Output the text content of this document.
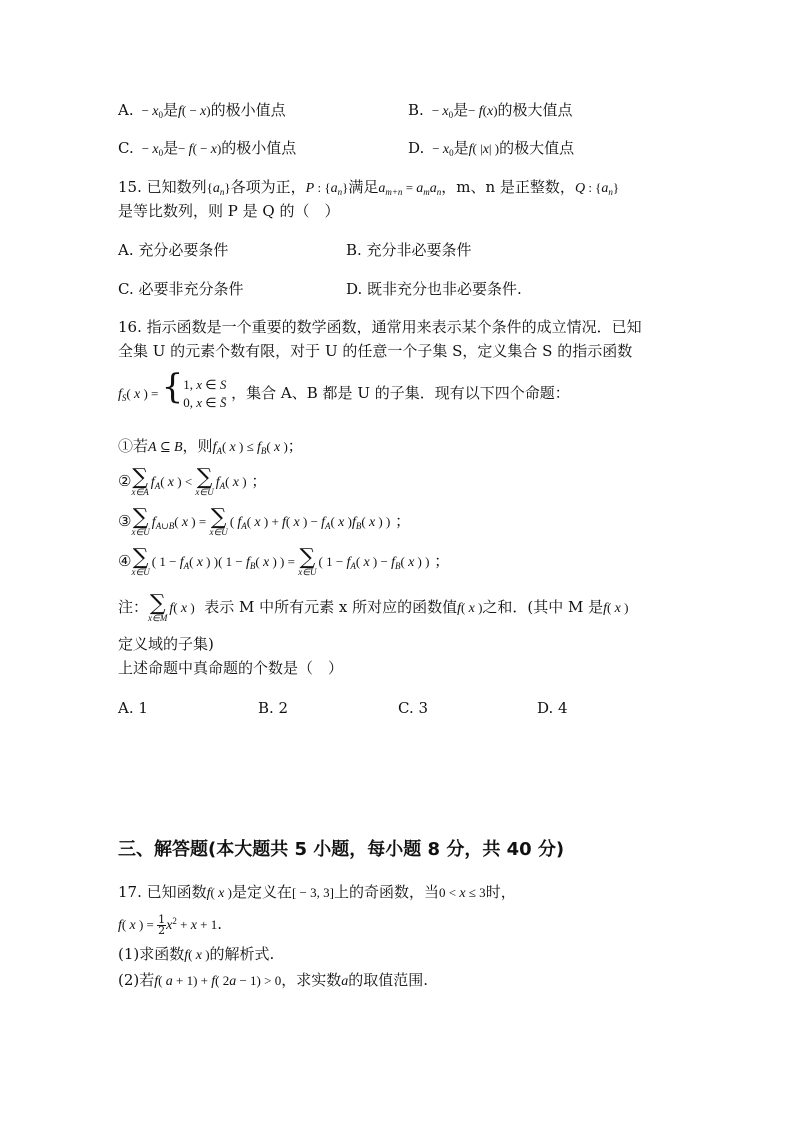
A.  − $x_0$是f( − x)的极小值点	B.  − $x_0$是− f(x)的极大值点
C.  − $x_0$是− f( − x)的极小值点	D.  − $x_0$是f( |x| )的极大值点
15. 已知数列$\{a_n\}$各项为正，P : $\{a_n\}$满足$a_{m+n} = a_ma_n$，m、n 是正整数，Q : $\{a_n\}$
是等比数列，则 P 是 Q 的（　）
A. 充分必要条件	B. 充分非必要条件
C. 必要非充分条件	D. 既非充分也非必要条件.
16. 指示函数是一个重要的数学函数，通常用来表示某个条件的成立情况．已知
全集 U 的元素个数有限，对于 U 的任意一个子集 S，定义集合 S 的指示函数
$f_S$( x ) = { 1, x ∈ S
0, x ∈ S̄
，集合 A、B 都是 U 的子集．现有以下四个命题：
①若A ⊆ B，则$f_A$( x ) ≤ $f_B$( x )；
② ∑
x∈A
$f_A$( x ) < ∑
x∈U
$f_A$( x ) ；
③ ∑
x∈U
$f_{A\cup B}$( x ) = ∑
x∈U
( $f_A$( x ) + f( x ) − $f_A$( x )$f_B$( x ) ) ；
④ ∑
x∈U
( $1 - f_A$( x ) )( $1 - f_B$( x ) ) = ∑
x∈U
( $1 - f_A$( x ) − $f_B$( x ) ) ；
注： ∑
x∈M
f( x ) 表示 M 中所有元素 x 所对应的函数值f( x )之和．(其中 M 是f( x )
定义域的子集)
上述命题中真命题的个数是（　）
A. 1	B. 2	C. 3	D. 4
三、解答题(本大题共 5 小题，每小题 8 分，共 40 分)
17. 已知函数f( x )是定义在[ − 3, 3]上的奇函数，当0 < x ≤ 3时，
f( x ) = $\frac{1}{2} x^2 + x + 1$.
(1)求函数f( x )的解析式.
(2)若f( a + 1) + f( 2a − 1) > 0，求实数a的取值范围.
